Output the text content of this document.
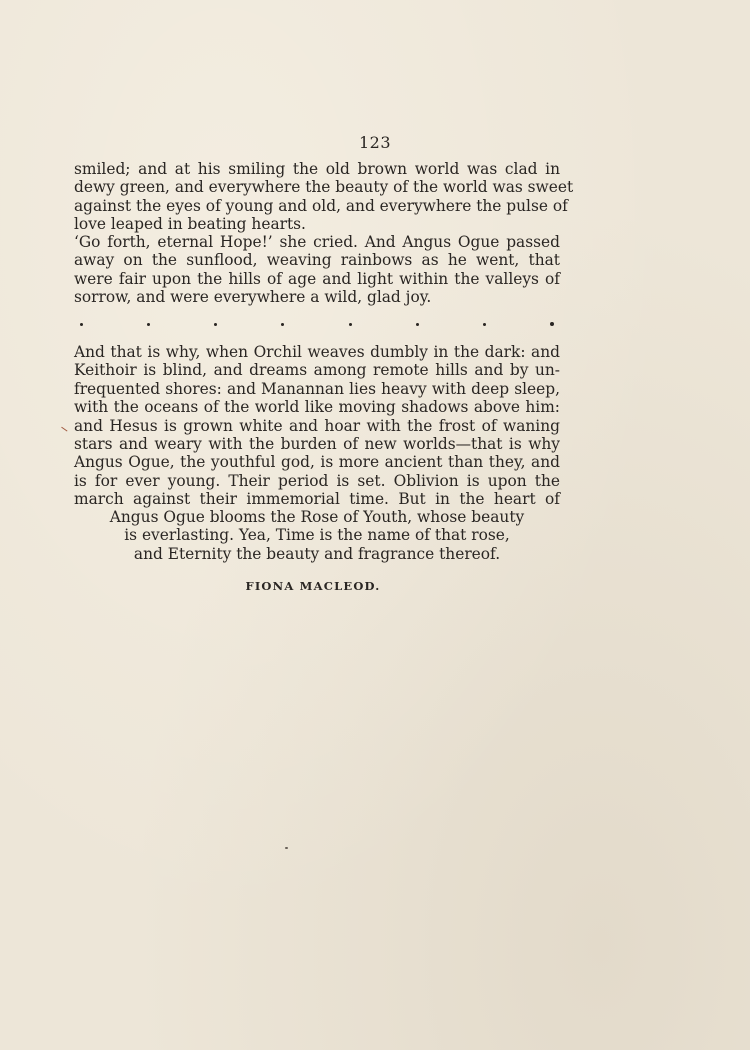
123
smiled; and at his smiling the old brown world was clad in
dewy green, and everywhere the beauty of the world was sweet
against the eyes of young and old, and everywhere the pulse of
love leaped in beating hearts.
‘Go forth, eternal Hope!’ she cried. And Angus Ogue passed
away on the sunflood, weaving rainbows as he went, that
were fair upon the hills of age and light within the valleys of
sorrow, and were everywhere a wild, glad joy.
And that is why, when Orchil weaves dumbly in the dark: and
Keithoir is blind, and dreams among remote hills and by un-
frequented shores: and Manannan lies heavy with deep sleep,
with the oceans of the world like moving shadows above him:
and Hesus is grown white and hoar with the frost of waning
stars and weary with the burden of new worlds—that is why
Angus Ogue, the youthful god, is more ancient than they, and
is for ever young. Their period is set. Oblivion is upon the
march against their immemorial time. But in the heart of
Angus Ogue blooms the Rose of Youth, whose beauty
is everlasting. Yea, Time is the name of that rose,
and Eternity the beauty and fragrance thereof.
FIONA MACLEOD.
